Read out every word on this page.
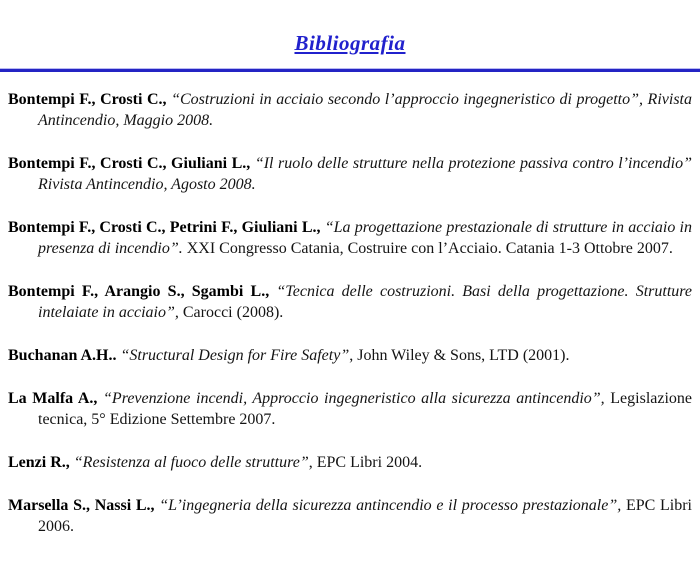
Bibliografia

Bontempi F., Crosti C., “Costruzioni in acciaio secondo l’approccio ingegneristico di progetto”, Rivista Antincendio, Maggio 2008.

Bontempi F., Crosti C., Giuliani L., “Il ruolo delle strutture nella protezione passiva contro l’incendio” Rivista Antincendio, Agosto 2008.

Bontempi F., Crosti C., Petrini F., Giuliani L., “La progettazione prestazionale di strutture in acciaio in presenza di incendio”. XXI Congresso Catania, Costruire con l’Acciaio. Catania 1-3 Ottobre 2007.

Bontempi F., Arangio S., Sgambi L., “Tecnica delle costruzioni. Basi della progettazione. Strutture intelaiate in acciaio”, Carocci (2008).

Buchanan A.H.. “Structural Design for Fire Safety”, John Wiley & Sons, LTD (2001).

La Malfa A., “Prevenzione incendi, Approccio ingegneristico alla sicurezza antincendio”, Legislazione tecnica, 5° Edizione Settembre 2007.

Lenzi R., “Resistenza al fuoco delle strutture”, EPC Libri 2004.

Marsella S., Nassi L., “L’ingegneria della sicurezza antincendio e il processo prestazionale”, EPC Libri 2006.
